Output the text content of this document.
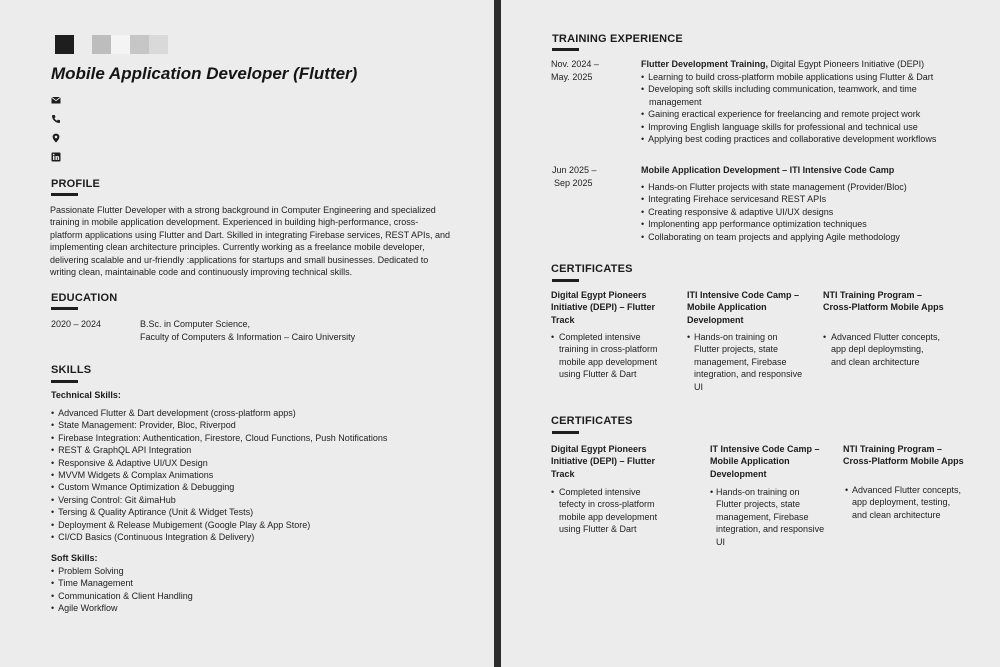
Mobile Application Developer (Flutter)
PROFILE
Passionate Flutter Developer with a strong background in Computer Engineering and specialized
training in mobile application development. Experienced in building high-performance, cross-
platform applications using Flutter and Dart. Skilled in integrating Firebase services, REST APIs, and
implementing clean architecture principles. Currently working as a freelance mobile developer,
delivering scalable and ur-friendly :applications for startups and small businesses. Dedicated to
writing clean, maintainable code and continuously improving technical skills.
EDUCATION
2020 – 2024	B.Sc. in Computer Science,
Faculty of Computers & Information – Cairo University
SKILLS
Technical Skills:
• Advanced Flutter & Dart development (cross-platform apps)
• State Management: Provider, Bloc, Riverpod
• Firebase Integration: Authentication, Firestore, Cloud Functions, Push Notifications
• REST & GraphQL API Integration
• Responsive & Adaptive UI/UX Design
• MVVM Widgets & Complax Animations
• Custom Wmance Optimization & Debugging
• Versing Control: Git &imaHub
• Tersing & Quality Aptirance (Unit & Widget Tests)
• Deployment & Release Mubigement (Google Play & App Store)
• CI/CD Basics (Continuous Integration & Delivery)
Soft Skills:
• Problem Solving
• Time Management
• Communication & Client Handling
• Agile Workflow
TRAINING EXPERIENCE
Nov. 2024 –
May. 2025
Flutter Development Training, Digital Egypt Pioneers Initiative (DEPI)
• Learning to build cross-platform mobile applications using Flutter & Dart
• Developing soft skills including communication, teamwork, and time
management
• Gaining eractical experience for freelancing and remote project work
• Improving English language skills for professional and technical use
• Applying best coding practices and collaborative development workflows
Jun 2025 –
Sep 2025
Mobile Application Development – ITI Intensive Code Camp
• Hands-on Flutter projects with state management (Provider/Bloc)
• Integrating Firehace servicesand REST APIs
• Creating responsive & adaptive UI/UX designs
• Implonenting app performance optimization techniques
• Collaborating on team projects and applying Agile methodology
CERTIFICATES
Digital Egypt Pioneers
Initiative (DEPI) – Flutter
Track
ITI Intensive Code Camp –
Mobile Application
Development
NTI Training Program –
Cross-Platform Mobile Apps
• Completed intensive
training in cross-platform
mobile app development
using Flutter & Dart
• Hands-on training on
Flutter projects, state
management, Firebase
integration, and responsive
UI
• Advanced Flutter concepts,
app depl deploymsting,
and clean architecture
CERTIFICATES
Digital Egypt Pioneers
Initiative (DEPI) – Flutter
Track
IT Intensive Code Camp –
Mobile Application
Development
NTI Training Program –
Cross-Platform Mobile Apps
• Completed intensive
tefecty in cross-platform
mobile app development
using Flutter & Dart
• Hands-on training on
Flutter projects, state
management, Firebase
integration, and responsive
UI
• Advanced Flutter concepts,
app deployment, testing,
and clean architecture
